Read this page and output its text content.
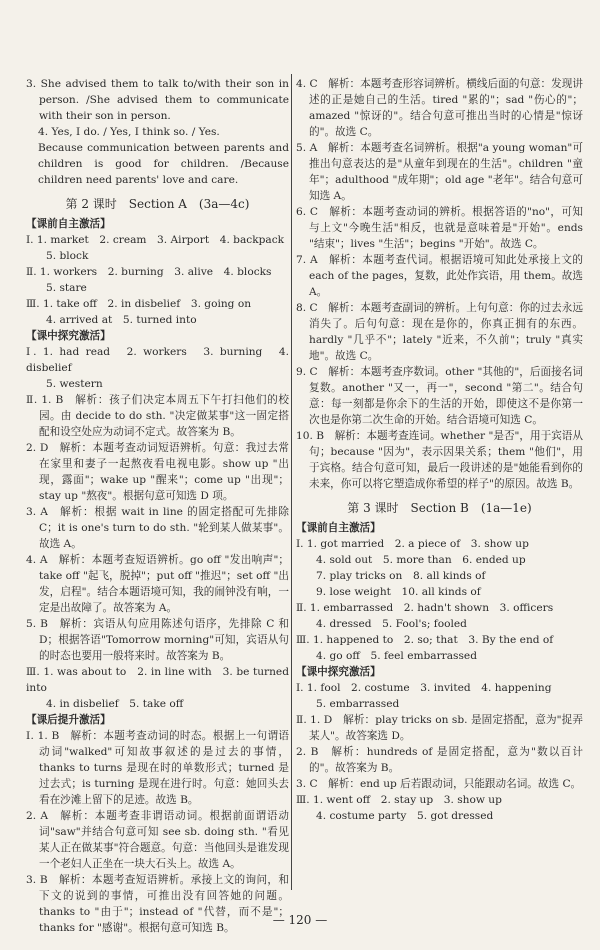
3. She advised them to talk to/with their son in person. /She advised them to communicate with their son in person.

4. Yes, I do. / Yes, I think so. / Yes.

Because communication between parents and children is good for children. /Because children need parents' love and care.

第 2 课时　Section A　(3a—4c)
【课前自主激活】

Ⅰ. 1. market　2. cream　3. Airport　4. backpack

5. block

Ⅱ. 1. workers　2. burning　3. alive　4. blocks

5. stare

Ⅲ. 1. take off　2. in disbelief　3. going on

4. arrived at　5. turned into

【课中探究激活】

Ⅰ. 1. had read　2. workers　3. burning　4. disbelief

5. western

Ⅱ. 1. B　解析：孩子们决定本周五下午打扫他们的校园。由 decide to do sth. "决定做某事"这一固定搭配和设空处应为动词不定式。故答案为 B。

2. D　解析：本题考查动词短语辨析。句意：我过去常在家里和妻子一起熬夜看电视电影。show up "出现，露面"；wake up "醒来"；come up "出现"；stay up "熬夜"。根据句意可知选 D 项。

3. A　解析：根据 wait in line 的固定搭配可先排除 C；it is one's turn to do sth. "轮到某人做某事"。故选 A。

4. A　解析：本题考查短语辨析。go off "发出响声"；take off "起飞，脱掉"；put off "推迟"；set off "出发，启程"。结合本题语境可知，我的闹钟没有响，一定是出故障了。故答案为 A。

5. B　解析：宾语从句应用陈述句语序，先排除 C 和 D；根据答语"Tomorrow morning"可知，宾语从句的时态也要用一般将来时。故答案为 B。

Ⅲ. 1. was about to　2. in line with　3. be turned into

4. in disbelief　5. take off

【课后提升激活】

Ⅰ. 1. B　解析：本题考查动词的时态。根据上一句谓语动词"walked"可知故事叙述的是过去的事情，thanks to turns 是现在时的单数形式；turned 是过去式；is turning 是现在进行时。句意：她回头去看在沙滩上留下的足迹。故选 B。

2. A　解析：本题考查非谓语动词。根据前面谓语动词"saw"并结合句意可知 see sb. doing sth. "看见某人正在做某事"符合题意。句意：当他回头是谁发现一个老妇人正坐在一块大石头上。故选 A。

3. B　解析：本题考查短语辨析。承接上文的询问，和下文的说到的事情，可推出没有回答她的问题。thanks to "由于"；instead of "代替，而不是"；thanks for "感谢"。根据句意可知选 B。

4. C　解析：本题考查形容词辨析。横线后面的句意：发现讲述的正是她自己的生活。tired "累的"；sad "伤心的"；amazed "惊讶的"。结合句意可推出当时的心情是"惊讶的"。故选 C。

5. A　解析：本题考查名词辨析。根据"a young woman"可推出句意表达的是"从童年到现在的生活"。children "童年"；adulthood "成年期"；old age "老年"。结合句意可知选 A。

6. C　解析：本题考查动词的辨析。根据答语的"no"，可知与上文"今晚生活"相反，也就是意味着是"开始"。ends "结束"；lives "生活"；begins "开始"。故选 C。

7. A　解析：本题考查代词。根据语境可知此处承接上文的 each of the pages，复数，此处作宾语，用 them。故选 A。

8. C　解析：本题考查副词的辨析。上句句意：你的过去永远消失了。后句句意：现在是你的，你真正拥有的东西。hardly "几乎不"；lately "近来，不久前"；truly "真实地"。故选 C。

9. C　解析：本题考查序数词。other "其他的"，后面接名词复数。another "又一，再一"，second "第二"。结合句意：每一刻都是你余下的生活的开始，即使这不是你第一次也是你第二次生命的开始。结合语境可知选 C。

10. B　解析：本题考查连词。whether "是否"，用于宾语从句；because "因为"，表示因果关系；them "他们"，用于宾格。结合句意可知，最后一段讲述的是"她能看到你的未来，你可以将它塑造成你希望的样子"的原因。故选 B。

第 3 课时　Section B　(1a—1e)
【课前自主激活】

Ⅰ. 1. got married　2. a piece of　3. show up

4. sold out　5. more than　6. ended up

7. play tricks on　8. all kinds of

9. lose weight　10. all kinds of

Ⅱ. 1. embarrassed　2. hadn't shown　3. officers

4. dressed　5. Fool's; fooled

Ⅲ. 1. happened to　2. so; that　3. By the end of

4. go off　5. feel embarrassed

【课中探究激活】

Ⅰ. 1. fool　2. costume　3. invited　4. happening

5. embarrassed

Ⅱ. 1. D　解析：play tricks on sb. 是固定搭配，意为"捉弄某人"。故答案选 D。

2. B　解析：hundreds of 是固定搭配，意为"数以百计的"。故答案为 B。

3. C　解析：end up 后若跟动词，只能跟动名词。故选 C。

Ⅲ. 1. went off　2. stay up　3. show up

4. costume party　5. got dressed

— 120 —
